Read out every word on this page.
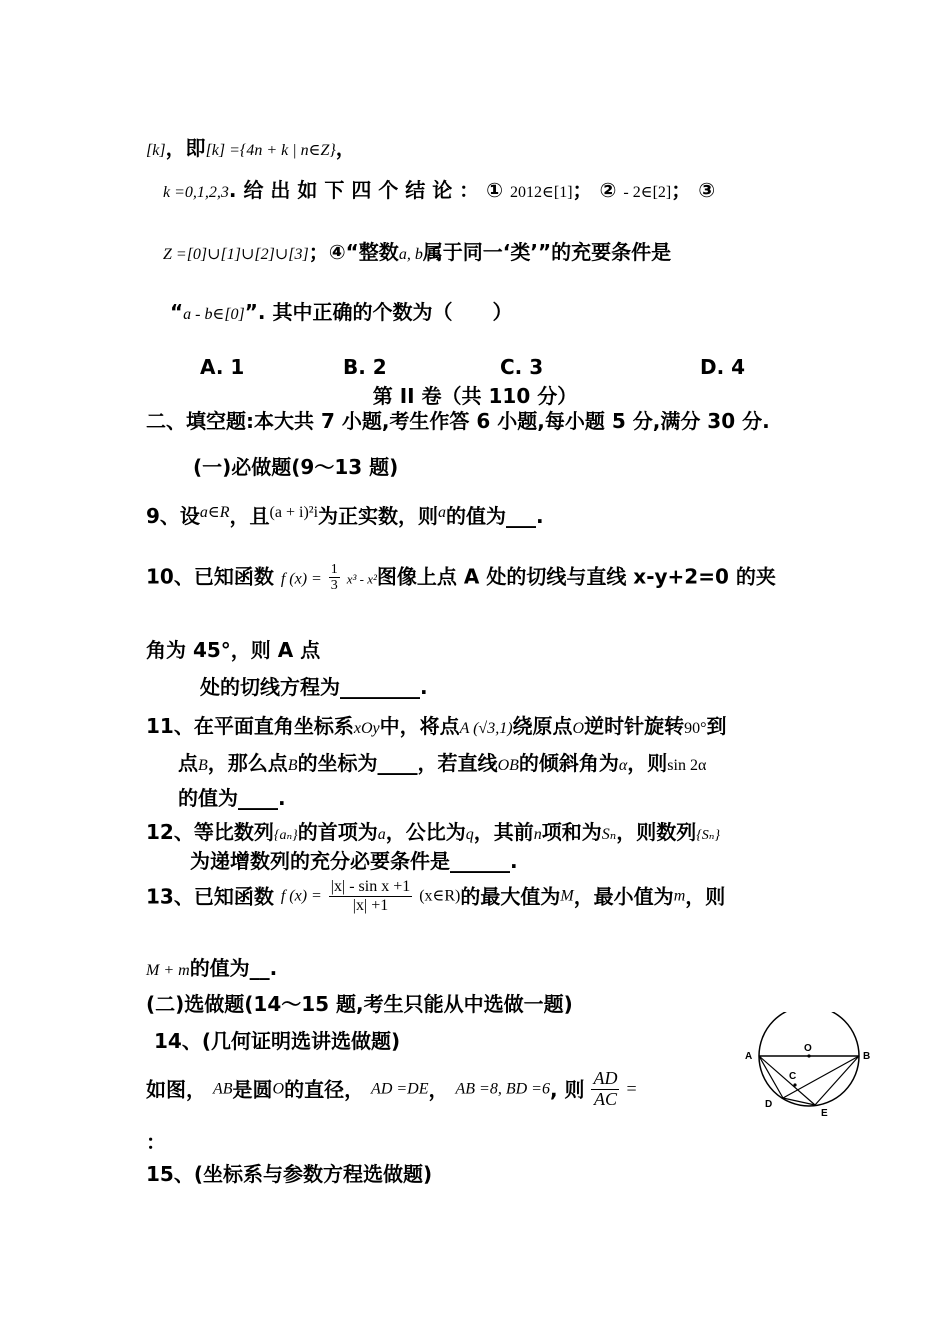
[k]，即[k] ={4n + k | n∈Z}，
k =0,1,2,3. 给 出 如 下 四 个 结 论 ： ① 2012∈[1]； ② - 2∈[2]； ③
Z =[0]∪[1]∪[2]∪[3]；④“整数a, b属于同一‘类’”的充要条件是
“a - b∈[0]”. 其中正确的个数为（　　）
A. 1	B. 2	C. 3	D. 4
第 II 卷（共 110 分）
二、填空题:本大共 7 小题,考生作答 6 小题,每小题 5 分,满分 30 分.
(一)必做题(9～13 题)
9、设$^{a\in R}$，且$^{(a + i)^2i}$为正实数，则$^a$的值为___.
10、已知函数 f $(x) = \frac{1}{3} x^3 - x^2$图像上点 A 处的切线与直线 x-y+2=0 的夹
角为 45°，则 A 点
处的切线方程为________.
11、在平面直角坐标系xOy中，将点A (√3,1)绕原点O逆时针旋转90°到
点B，那么点B的坐标为____，若直线OB的倾斜角为α，则sin 2α
的值为____.
12、等比数列{aₙ}的首项为a，公比为q，其前n项和为Sₙ，则数列{Sₙ}
为递增数列的充分必要条件是______.
13、已知函数 f $(x) = \frac{\text{|x| - sin x +1}}{|x| +1}$ (x∈R)的最大值为M，最小值为m，则
M + m的值为__.
(二)选做题(14～15 题,考生只能从中选做一题)
14、(几何证明选讲选做题)
如图， AB是圆O的直径， AD =DE， AB =8, BD =6, 则 $\frac{AD}{AC}$ =
：
A
O
B
C
D
E
15、(坐标系与参数方程选做题)
